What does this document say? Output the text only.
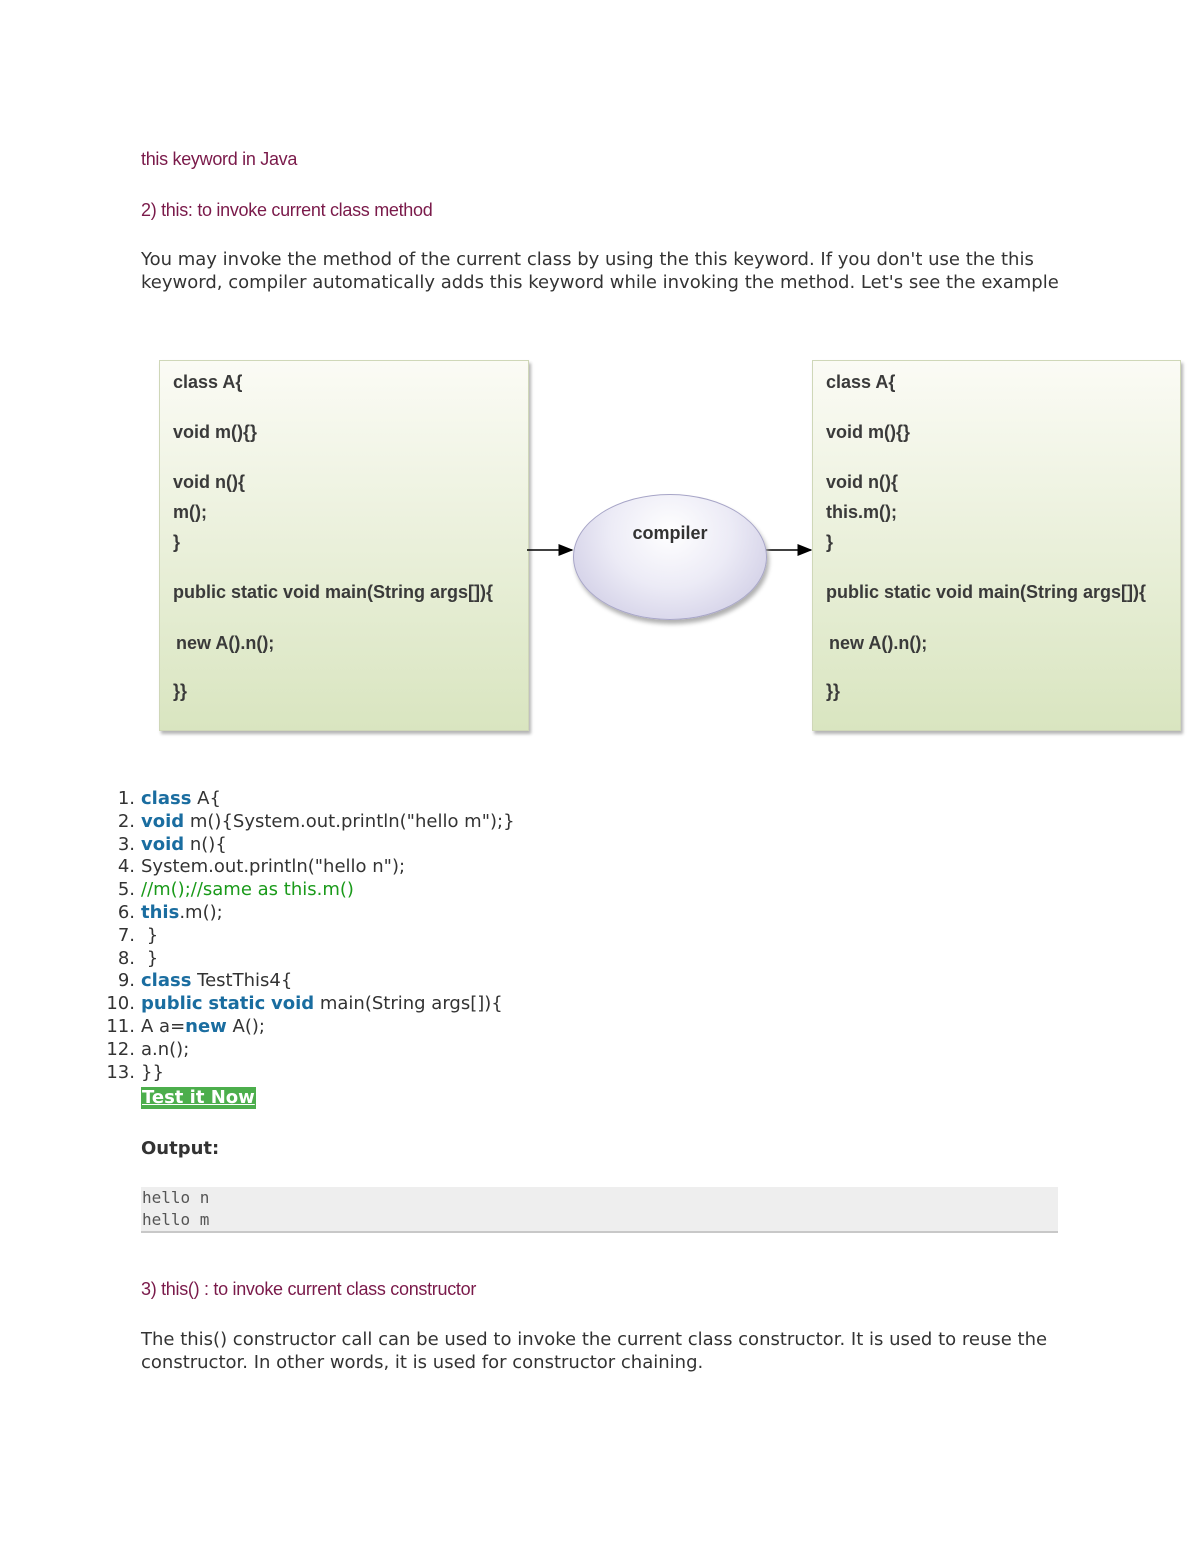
this keyword in Java
2) this: to invoke current class method
You may invoke the method of the current class by using the this keyword. If you don't use the this keyword, compiler automatically adds this keyword while invoking the method. Let's see the example
class A{
void m(){}
void n(){
m();
}
public static void main(String args[]){
new A().n();
}}
compiler
class A{
void m(){}
void n(){
this.m();
}
public static void main(String args[]){
new A().n();
}}
1. class A{
2. void m(){System.out.println("hello m");}
3. void n(){
4. System.out.println("hello n");
5. //m();//same as this.m()
6. this.m();
7. }
8. }
9. class TestThis4{
10. public static void main(String args[]){
11. A a=new A();
12. a.n();
13. }}
Test it Now
Output:
hello n
hello m
3) this() : to invoke current class constructor
The this() constructor call can be used to invoke the current class constructor. It is used to reuse the constructor. In other words, it is used for constructor chaining.
